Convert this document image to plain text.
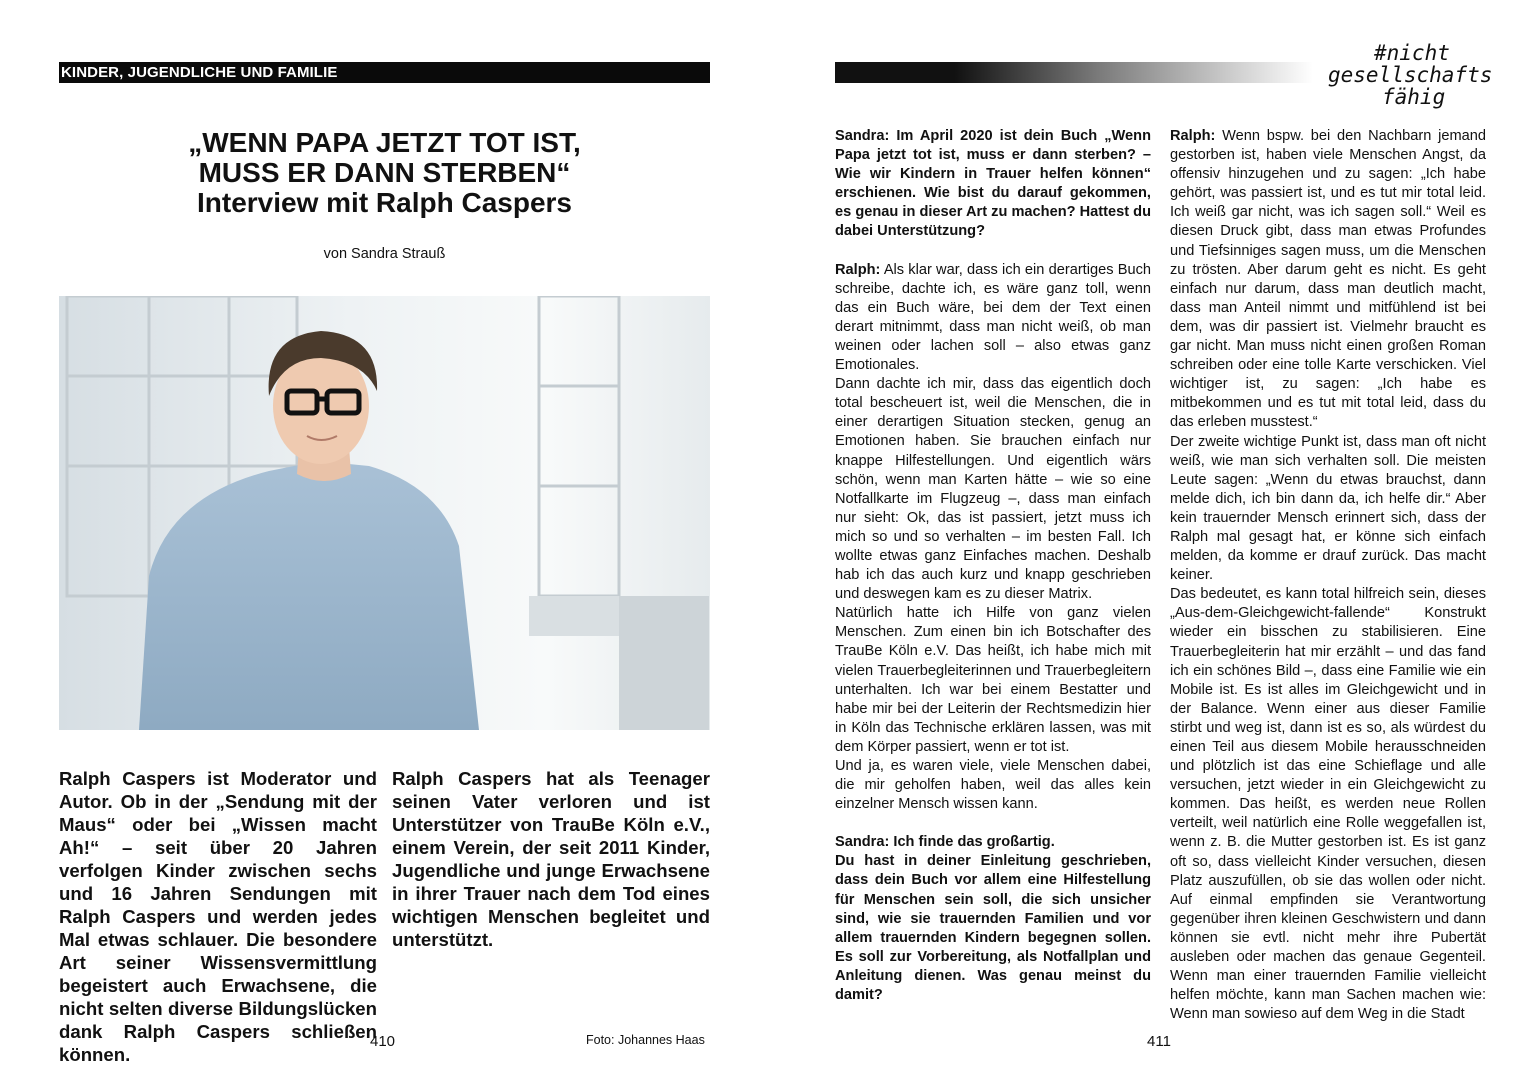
KINDER, JUGENDLICHE UND FAMILIE
„WENN PAPA JETZT TOT IST,
MUSS ER DANN STERBEN“
Interview mit Ralph Caspers
von Sandra Strauß
Ralph Caspers ist Moderator und Autor. Ob in der „Sendung mit der Maus“ oder bei „Wissen macht Ah!“ – seit über 20 Jahren verfolgen Kinder zwischen sechs und 16 Jahren Sendungen mit Ralph Caspers und werden jedes Mal etwas schlauer. Die besondere Art seiner Wissensvermittlung begeistert auch Erwachsene, die nicht selten diverse Bildungslücken dank Ralph Caspers schließen können.
Ralph Caspers hat als Teenager seinen Vater verloren und ist Unterstützer von TrauBe Köln e.V., einem Verein, der seit 2011 Kinder, Jugendliche und junge Erwachsene in ihrer Trauer nach dem Tod eines wichtigen Menschen begleitet und unterstützt.
410	Foto: Johannes Haas
#nicht
gesellschafts
fähig

Sandra: Im April 2020 ist dein Buch „Wenn Papa jetzt tot ist, muss er dann sterben? – Wie wir Kindern in Trauer helfen können“ erschienen. Wie bist du darauf gekommen, es genau in dieser Art zu machen? Hattest du dabei Unterstützung?

Ralph: Als klar war, dass ich ein derartiges Buch schreibe, dachte ich, es wäre ganz toll, wenn das ein Buch wäre, bei dem der Text einen derart mitnimmt, dass man nicht weiß, ob man weinen oder lachen soll – also etwas ganz Emotionales.

Dann dachte ich mir, dass das eigentlich doch total bescheuert ist, weil die Menschen, die in einer derartigen Situation stecken, genug an Emotionen haben. Sie brauchen einfach nur knappe Hilfestellungen. Und eigentlich wärs schön, wenn man Karten hätte – wie so eine Notfallkarte im Flugzeug –, dass man einfach nur sieht: Ok, das ist passiert, jetzt muss ich mich so und so verhalten – im besten Fall. Ich wollte etwas ganz Einfaches machen. Deshalb hab ich das auch kurz und knapp geschrieben und deswegen kam es zu dieser Matrix.

Natürlich hatte ich Hilfe von ganz vielen Menschen. Zum einen bin ich Botschafter des TrauBe Köln e.V. Das heißt, ich habe mich mit vielen Trauerbegleiterinnen und Trauerbegleitern unterhalten. Ich war bei einem Bestatter und habe mir bei der Leiterin der Rechtsmedizin hier in Köln das Technische erklären lassen, was mit dem Körper passiert, wenn er tot ist.

Und ja, es waren viele, viele Menschen dabei, die mir geholfen haben, weil das alles kein einzelner Mensch wissen kann.

Sandra: Ich finde das großartig.

Du hast in deiner Einleitung geschrieben, dass dein Buch vor allem eine Hilfestellung für Menschen sein soll, die sich unsicher sind, wie sie trauernden Familien und vor allem trauernden Kindern begegnen sollen. Es soll zur Vorbereitung, als Notfallplan und Anleitung dienen. Was genau meinst du damit?

Ralph: Wenn bspw. bei den Nachbarn jemand gestorben ist, haben viele Menschen Angst, da offensiv hinzugehen und zu sagen: „Ich habe gehört, was passiert ist, und es tut mir total leid. Ich weiß gar nicht, was ich sagen soll.“ Weil es diesen Druck gibt, dass man etwas Profundes und Tiefsinniges sagen muss, um die Menschen zu trösten. Aber darum geht es nicht. Es geht einfach nur darum, dass man deutlich macht, dass man Anteil nimmt und mitfühlend ist bei dem, was dir passiert ist. Vielmehr braucht es gar nicht. Man muss nicht einen großen Roman schreiben oder eine tolle Karte verschicken. Viel wichtiger ist, zu sagen: „Ich habe es mitbekommen und es tut mit total leid, dass du das erleben musstest.“

Der zweite wichtige Punkt ist, dass man oft nicht weiß, wie man sich verhalten soll. Die meisten Leute sagen: „Wenn du etwas brauchst, dann melde dich, ich bin dann da, ich helfe dir.“ Aber kein trauernder Mensch erinnert sich, dass der Ralph mal gesagt hat, er könne sich einfach melden, da komme er drauf zurück. Das macht keiner.

Das bedeutet, es kann total hilfreich sein, dieses „Aus-dem-Gleichgewicht-fallende“ Konstrukt wieder ein bisschen zu stabilisieren. Eine Trauerbegleiterin hat mir erzählt – und das fand ich ein schönes Bild –, dass eine Familie wie ein Mobile ist. Es ist alles im Gleichgewicht und in der Balance. Wenn einer aus dieser Familie stirbt und weg ist, dann ist es so, als würdest du einen Teil aus diesem Mobile herausschneiden und plötzlich ist das eine Schieflage und alle versuchen, jetzt wieder in ein Gleichgewicht zu kommen. Das heißt, es werden neue Rollen verteilt, weil natürlich eine Rolle weggefallen ist, wenn z. B. die Mutter gestorben ist. Es ist ganz oft so, dass vielleicht Kinder versuchen, diesen Platz auszufüllen, ob sie das wollen oder nicht. Auf einmal empfinden sie Verantwortung gegenüber ihren kleinen Geschwistern und dann können sie evtl. nicht mehr ihre Pubertät ausleben oder machen das genaue Gegenteil. Wenn man einer trauernden Familie vielleicht helfen möchte, kann man Sachen machen wie: Wenn man sowieso auf dem Weg in die Stadt

411
